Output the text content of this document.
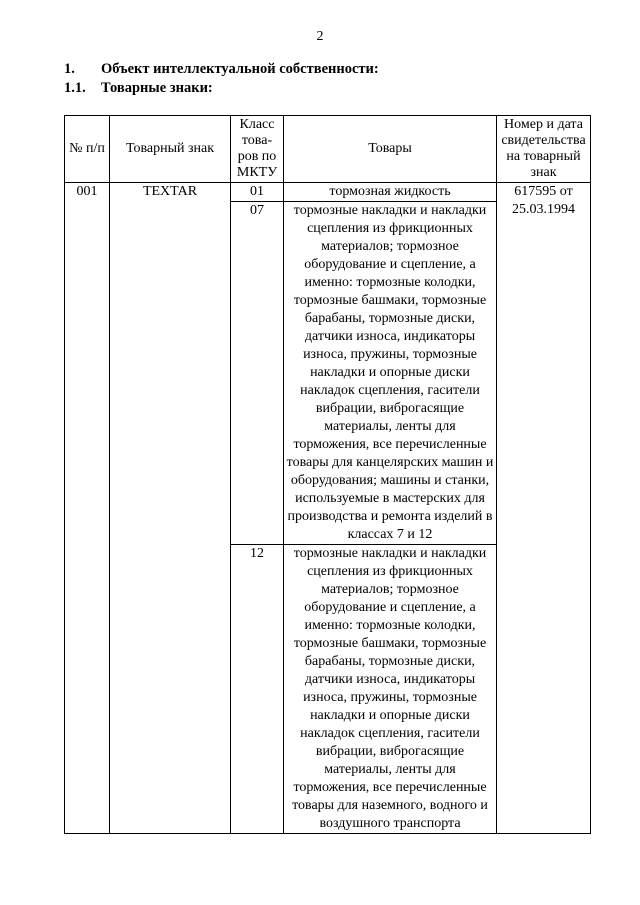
2
1. Объект интеллектуальной собственности:
1.1. Товарные знаки:
№ п/п	Товарный знак	Класс това-ров по МКТУ	Товары	Номер и дата свидетельства на товарный знак
001	TEXTAR	01	тормозная жидкость	617595 от 25.03.1994
		07	тормозные накладки и накладки сцепления из фрикционных материалов; тормозное оборудование и сцепление, а именно: тормозные колодки, тормозные башмаки, тормозные барабаны, тормозные диски, датчики износа, индикаторы износа, пружины, тормозные накладки и опорные диски накладок сцепления, гасители вибрации, виброгасящие материалы, ленты для торможения, все перечисленные товары для канцелярских машин и оборудования; машины и станки, используемые в мастерских для производства и ремонта изделий в классах 7 и 12	
		12	тормозные накладки и накладки сцепления из фрикционных материалов; тормозное оборудование и сцепление, а именно: тормозные колодки, тормозные башмаки, тормозные барабаны, тормозные диски, датчики износа, индикаторы износа, пружины, тормозные накладки и опорные диски накладок сцепления, гасители вибрации, виброгасящие материалы, ленты для торможения, все перечисленные товары для наземного, водного и воздушного транспорта	
